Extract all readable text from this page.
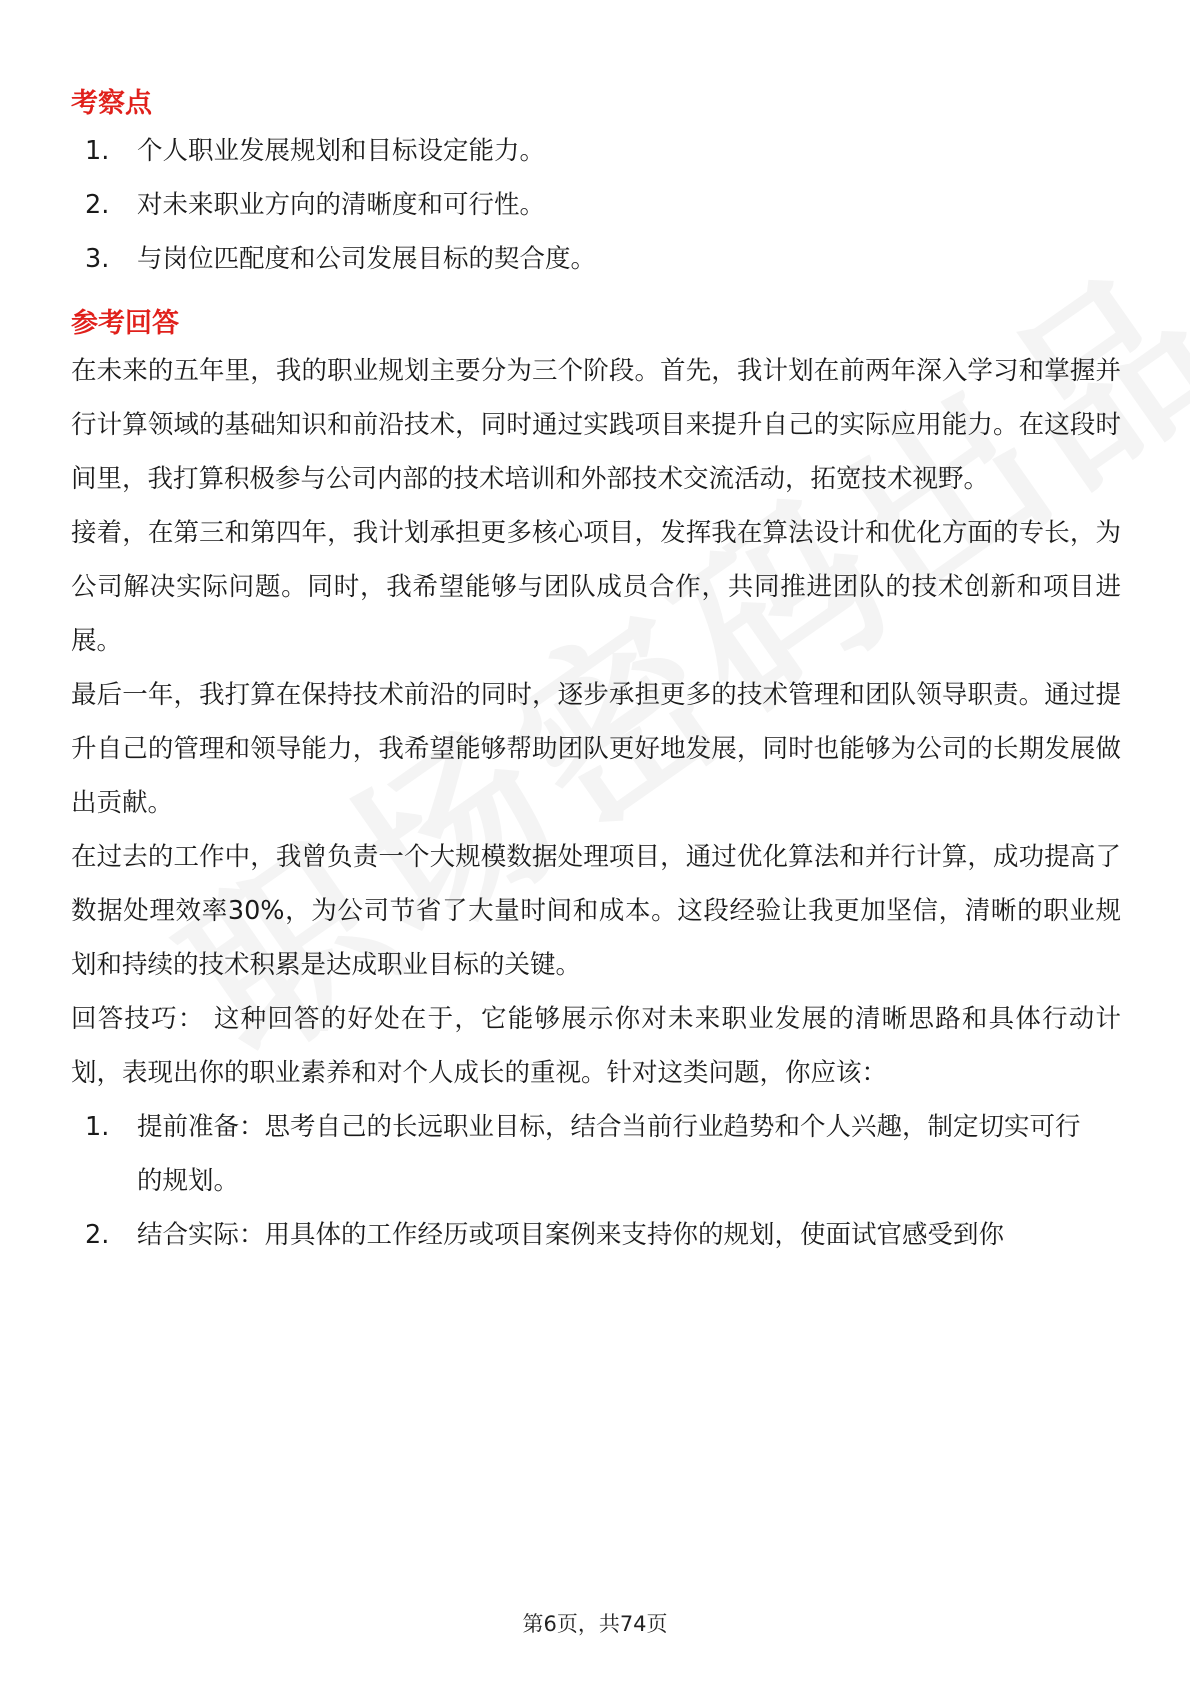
考察点
1.	个人职业发展规划和目标设定能力。
2.	对未来职业方向的清晰度和可行性。
3.	与岗位匹配度和公司发展目标的契合度。
参考回答

在未来的五年里，我的职业规划主要分为三个阶段。首先，我计划在前两年深入学习和掌握并行计算领域的基础知识和前沿技术，同时通过实践项目来提升自己的实际应用能力。在这段时间里，我打算积极参与公司内部的技术培训和外部技术交流活动，拓宽技术视野。

接着，在第三和第四年，我计划承担更多核心项目，发挥我在算法设计和优化方面的专长，为公司解决实际问题。同时，我希望能够与团队成员合作，共同推进团队的技术创新和项目进展。

最后一年，我打算在保持技术前沿的同时，逐步承担更多的技术管理和团队领导职责。通过提升自己的管理和领导能力，我希望能够帮助团队更好地发展，同时也能够为公司的长期发展做出贡献。

在过去的工作中，我曾负责一个大规模数据处理项目，通过优化算法和并行计算，成功提高了数据处理效率30%，为公司节省了大量时间和成本。这段经验让我更加坚信，清晰的职业规划和持续的技术积累是达成职业目标的关键。

回答技巧： 这种回答的好处在于，它能够展示你对未来职业发展的清晰思路和具体行动计划，表现出你的职业素养和对个人成长的重视。针对这类问题，你应该：

1.	提前准备：思考自己的长远职业目标，结合当前行业趋势和个人兴趣，制定切实可行的规划。
2.	结合实际：用具体的工作经历或项目案例来支持你的规划，使面试官感受到你
第6页，共74页
